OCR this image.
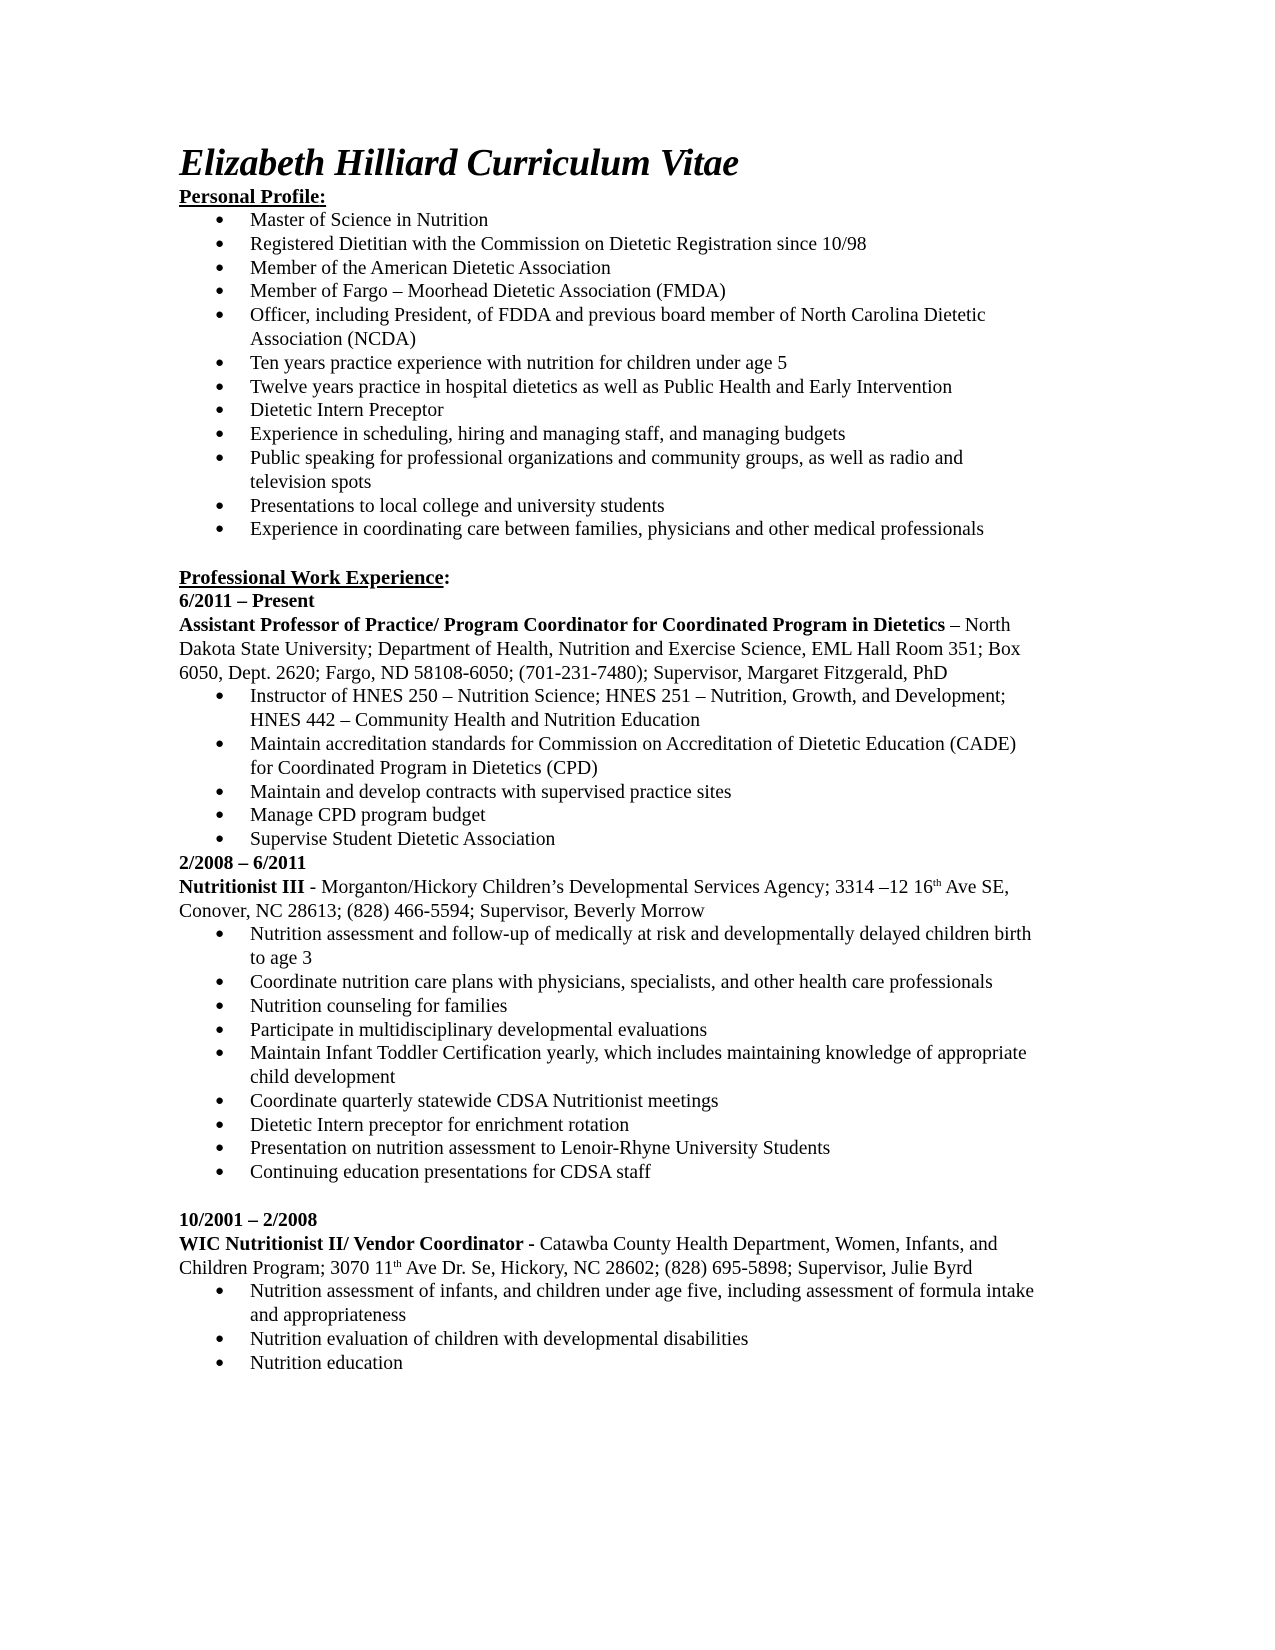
Elizabeth Hilliard Curriculum Vitae

Personal Profile:

● Master of Science in Nutrition
● Registered Dietitian with the Commission on Dietetic Registration since 10/98
● Member of the American Dietetic Association
● Member of Fargo – Moorhead Dietetic Association (FMDA)
● Officer, including President, of FDDA and previous board member of North Carolina Dietetic Association (NCDA)
● Ten years practice experience with nutrition for children under age 5
● Twelve years practice in hospital dietetics as well as Public Health and Early Intervention
● Dietetic Intern Preceptor
● Experience in scheduling, hiring and managing staff, and managing budgets
● Public speaking for professional organizations and community groups, as well as radio and television spots
● Presentations to local college and university students
● Experience in coordinating care between families, physicians and other medical professionals

Professional Work Experience:

6/2011 – Present

Assistant Professor of Practice/ Program Coordinator for Coordinated Program in Dietetics – North Dakota State University; Department of Health, Nutrition and Exercise Science, EML Hall Room 351; Box 6050, Dept. 2620; Fargo, ND 58108-6050; (701-231-7480); Supervisor, Margaret Fitzgerald, PhD

● Instructor of HNES 250 – Nutrition Science; HNES 251 – Nutrition, Growth, and Development; HNES 442 – Community Health and Nutrition Education
● Maintain accreditation standards for Commission on Accreditation of Dietetic Education (CADE) for Coordinated Program in Dietetics (CPD)
● Maintain and develop contracts with supervised practice sites
● Manage CPD program budget
● Supervise Student Dietetic Association

2/2008 – 6/2011

Nutritionist III - Morganton/Hickory Children’s Developmental Services Agency; 3314 –12 16th Ave SE, Conover, NC 28613; (828) 466-5594; Supervisor, Beverly Morrow

● Nutrition assessment and follow-up of medically at risk and developmentally delayed children birth to age 3
● Coordinate nutrition care plans with physicians, specialists, and other health care professionals
● Nutrition counseling for families
● Participate in multidisciplinary developmental evaluations
● Maintain Infant Toddler Certification yearly, which includes maintaining knowledge of appropriate child development
● Coordinate quarterly statewide CDSA Nutritionist meetings
● Dietetic Intern preceptor for enrichment rotation
● Presentation on nutrition assessment to Lenoir-Rhyne University Students
● Continuing education presentations for CDSA staff

10/2001 – 2/2008

WIC Nutritionist II/ Vendor Coordinator - Catawba County Health Department, Women, Infants, and Children Program; 3070 11th Ave Dr. Se, Hickory, NC 28602; (828) 695-5898; Supervisor, Julie Byrd

● Nutrition assessment of infants, and children under age five, including assessment of formula intake and appropriateness
● Nutrition evaluation of children with developmental disabilities
● Nutrition education
